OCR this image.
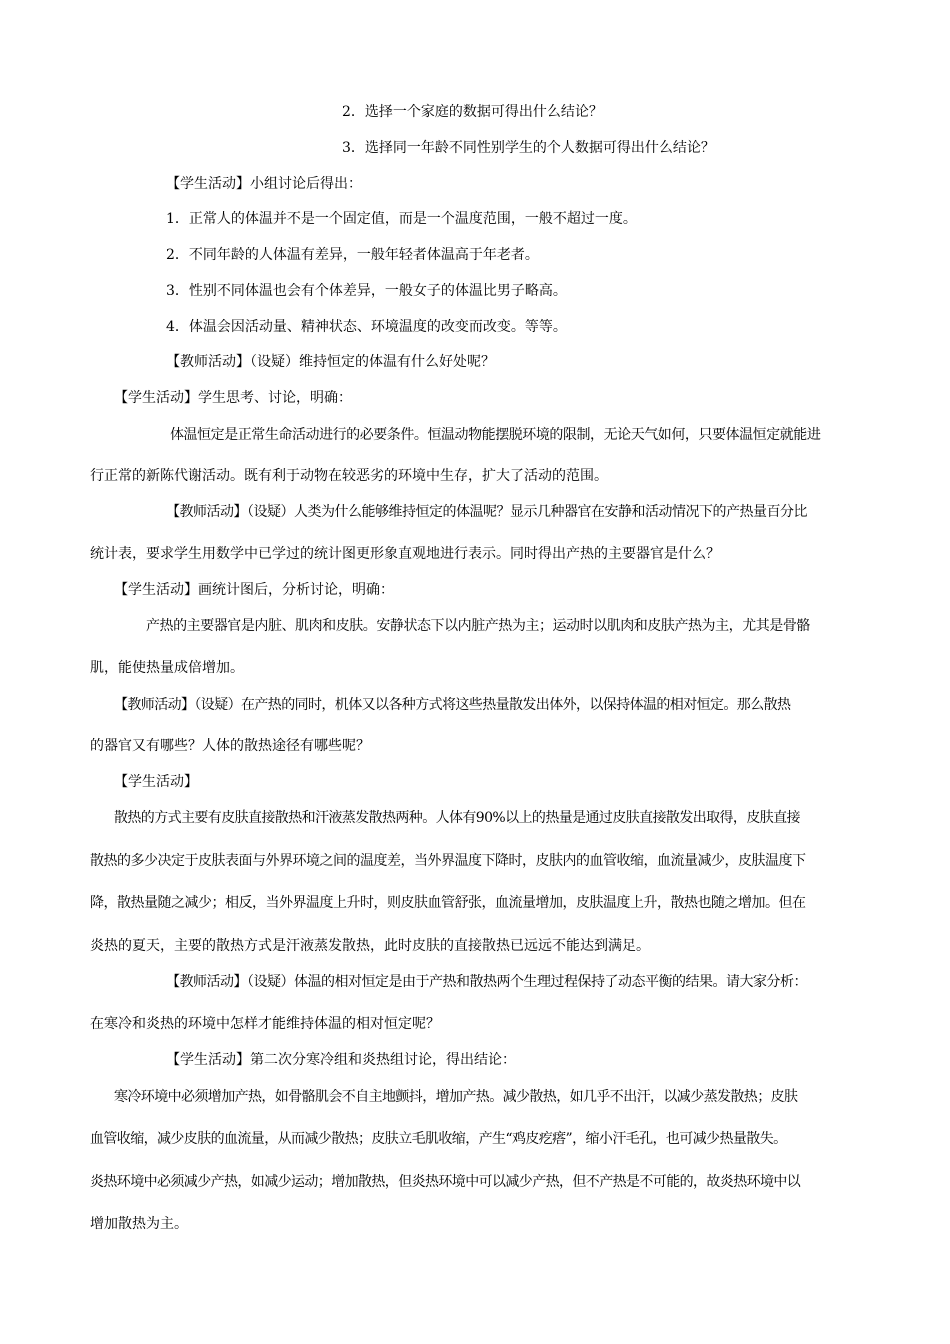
2．选择一个家庭的数据可得出什么结论？

3．选择同一年龄不同性别学生的个人数据可得出什么结论？

【学生活动】小组讨论后得出：

1．正常人的体温并不是一个固定值，而是一个温度范围，一般不超过一度。

2．不同年龄的人体温有差异，一般年轻者体温高于年老者。

3．性别不同体温也会有个体差异，一般女子的体温比男子略高。

4．体温会因活动量、精神状态、环境温度的改变而改变。等等。

【教师活动】（设疑）维持恒定的体温有什么好处呢？

【学生活动】学生思考、讨论，明确：

体温恒定是正常生命活动进行的必要条件。恒温动物能摆脱环境的限制，无论天气如何，只要体温恒定就能进

行正常的新陈代谢活动。既有利于动物在较恶劣的环境中生存，扩大了活动的范围。

【教师活动】（设疑）人类为什么能够维持恒定的体温呢？显示几种器官在安静和活动情况下的产热量百分比

统计表，要求学生用数学中已学过的统计图更形象直观地进行表示。同时得出产热的主要器官是什么？

【学生活动】画统计图后，分析讨论，明确：

产热的主要器官是内脏、肌肉和皮肤。安静状态下以内脏产热为主；运动时以肌肉和皮肤产热为主，尤其是骨骼

肌，能使热量成倍增加。

【教师活动】（设疑）在产热的同时，机体又以各种方式将这些热量散发出体外，以保持体温的相对恒定。那么散热

的器官又有哪些？人体的散热途径有哪些呢？

【学生活动】

散热的方式主要有皮肤直接散热和汗液蒸发散热两种。人体有90%以上的热量是通过皮肤直接散发出取得，皮肤直接

散热的多少决定于皮肤表面与外界环境之间的温度差，当外界温度下降时，皮肤内的血管收缩，血流量减少，皮肤温度下

降，散热量随之减少；相反，当外界温度上升时，则皮肤血管舒张，血流量增加，皮肤温度上升，散热也随之增加。但在

炎热的夏天，主要的散热方式是汗液蒸发散热，此时皮肤的直接散热已远远不能达到满足。

【教师活动】（设疑）体温的相对恒定是由于产热和散热两个生理过程保持了动态平衡的结果。请大家分析：

在寒冷和炎热的环境中怎样才能维持体温的相对恒定呢？

【学生活动】第二次分寒冷组和炎热组讨论，得出结论：

寒冷环境中必须增加产热，如骨骼肌会不自主地颤抖，增加产热。减少散热，如几乎不出汗，以减少蒸发散热；皮肤

血管收缩，减少皮肤的血流量，从而减少散热；皮肤立毛肌收缩，产生“鸡皮疙瘩”，缩小汗毛孔，也可减少热量散失。

炎热环境中必须减少产热，如减少运动；增加散热，但炎热环境中可以减少产热，但不产热是不可能的，故炎热环境中以

增加散热为主。
